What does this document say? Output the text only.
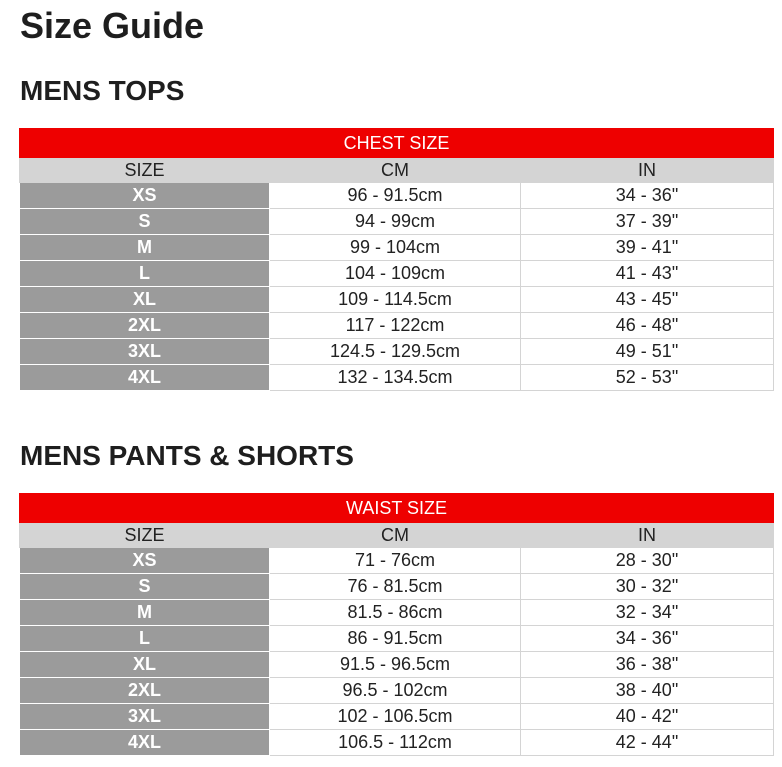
Size Guide
MENS TOPS
CHEST SIZE		
SIZE	CM	IN
XS	96 - 91.5cm	34 - 36"
S	94 - 99cm	37 - 39"
M	99 - 104cm	39 - 41"
L	104 - 109cm	41 - 43"
XL	109 - 114.5cm	43 - 45"
2XL	117 - 122cm	46 - 48"
3XL	124.5 - 129.5cm	49 - 51"
4XL	132 - 134.5cm	52 - 53"
MENS PANTS & SHORTS
WAIST SIZE		
SIZE	CM	IN
XS	71 - 76cm	28 - 30"
S	76 - 81.5cm	30 - 32"
M	81.5 - 86cm	32 - 34"
L	86 - 91.5cm	34 - 36"
XL	91.5 - 96.5cm	36 - 38"
2XL	96.5 - 102cm	38 - 40"
3XL	102 - 106.5cm	40 - 42"
4XL	106.5 - 112cm	42 - 44"
